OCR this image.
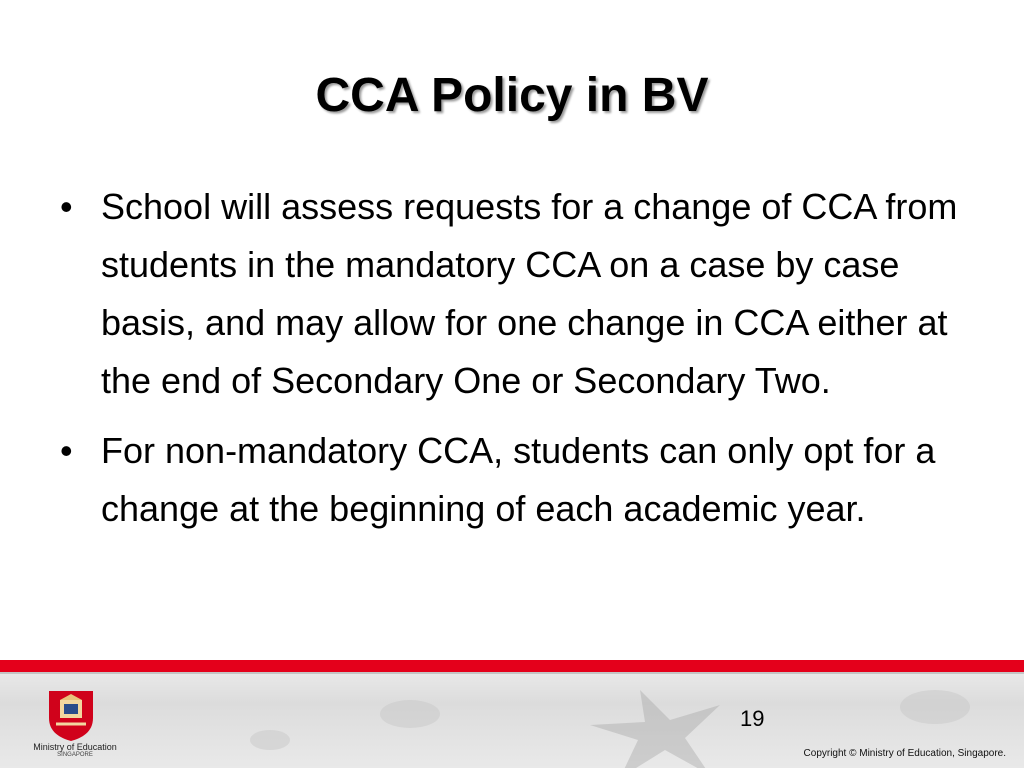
CCA Policy in BV
• School will assess requests for a change of CCA from students in the mandatory CCA on a case by case basis, and may allow for one change in CCA either at the end of Secondary One or Secondary Two.
• For non-mandatory CCA, students can only opt for a change at the beginning of each academic year.
Ministry of Education
SINGAPORE
19
Copyright © Ministry of Education, Singapore.
